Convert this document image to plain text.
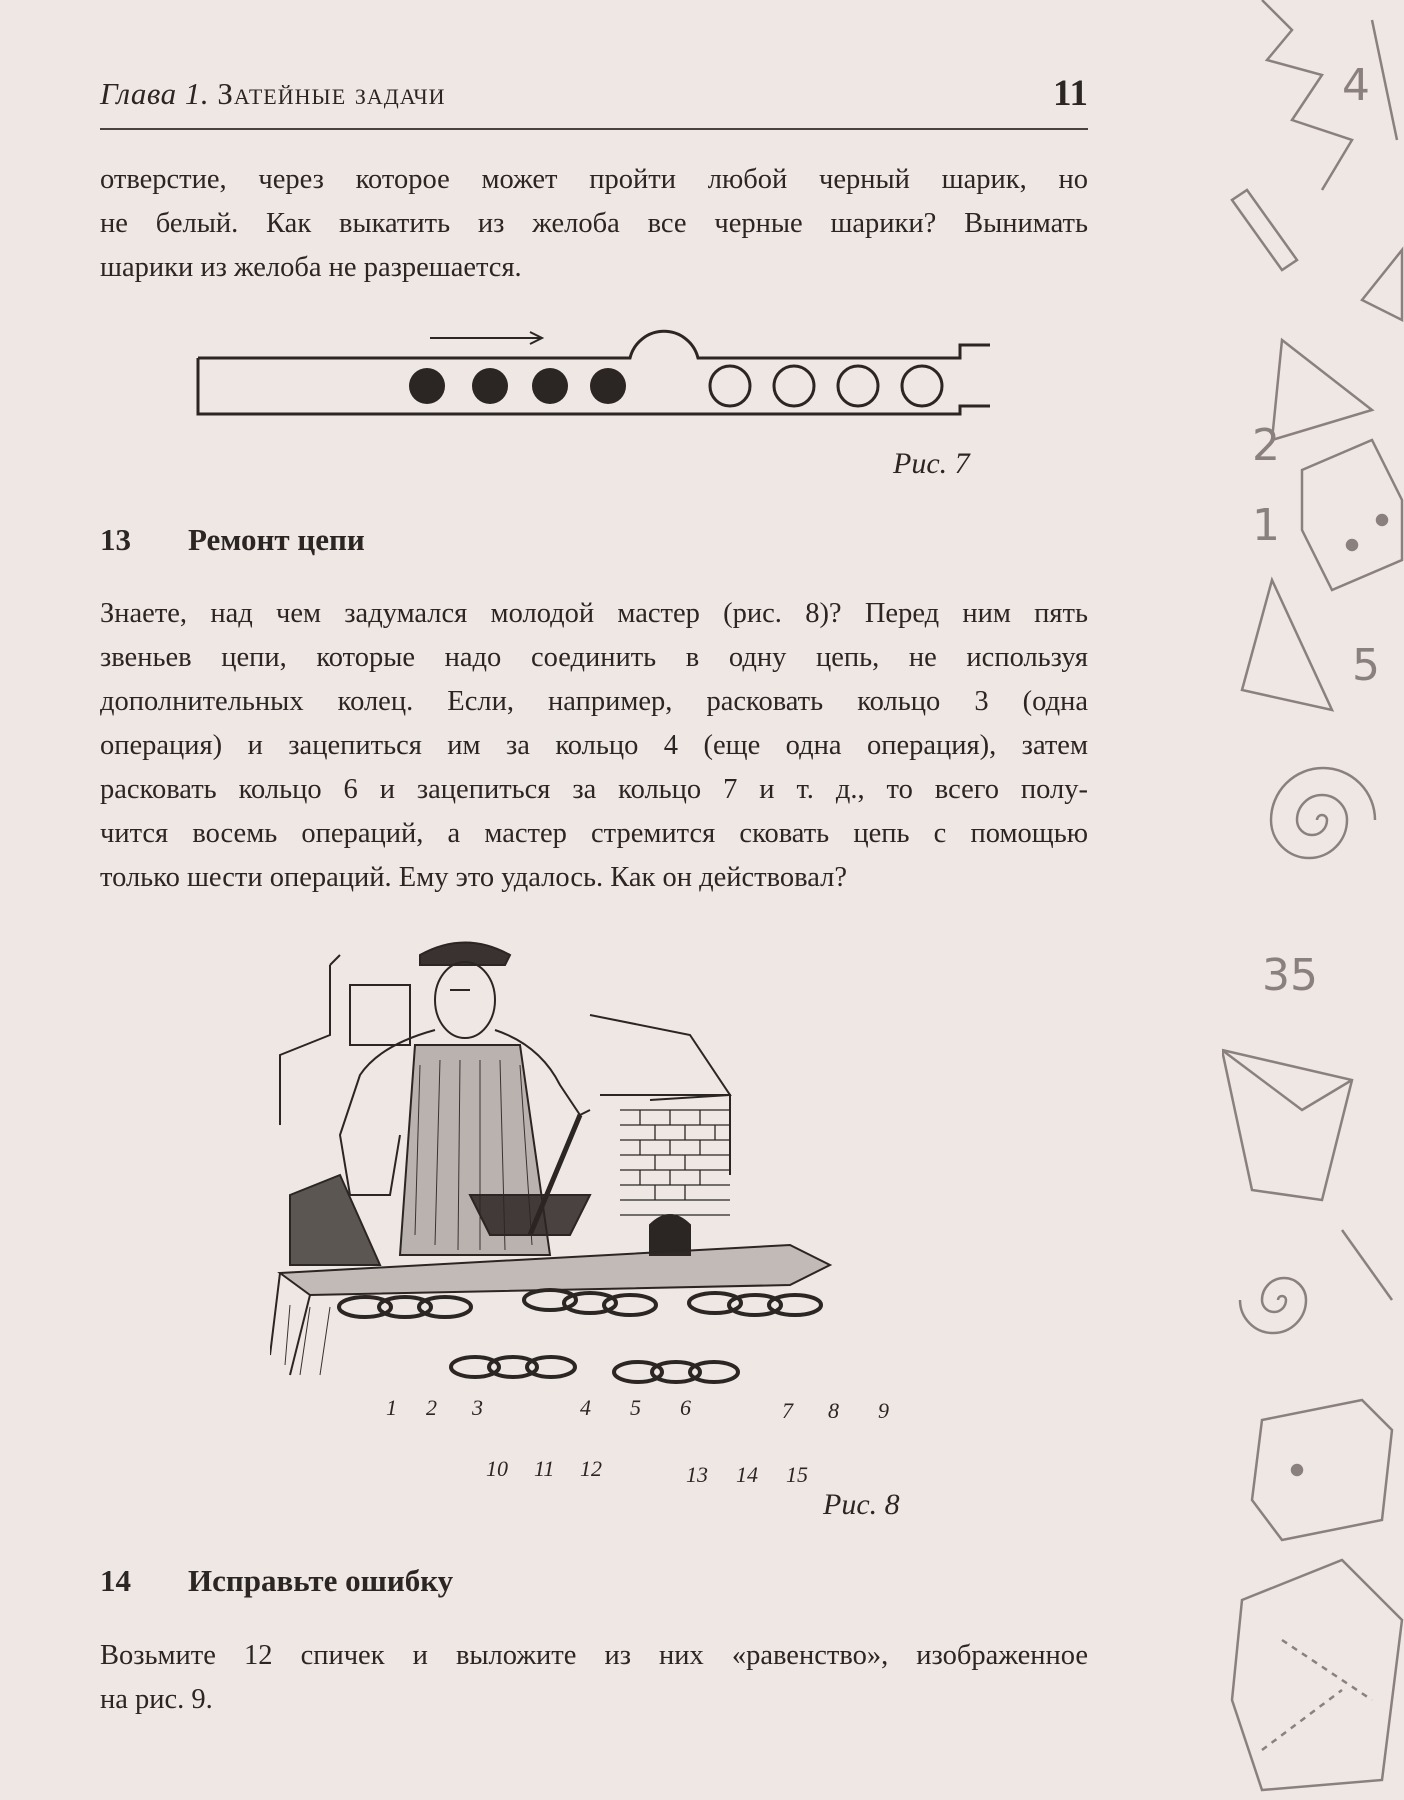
Глава 1. Затейные задачи	11
отверстие, через которое может пройти любой черный шарик, но
не белый. Как выкатить из желоба все черные шарики? Вынимать
шарики из желоба не разрешается.
Рис. 7
13 Ремонт цепи
Знаете, над чем задумался молодой мастер (рис. 8)? Перед ним пять
звеньев цепи, которые надо соединить в одну цепь, не используя
дополнительных колец. Если, например, расковать кольцо 3 (одна
операция) и зацепиться им за кольцо 4 (еще одна операция), затем
расковать кольцо 6 и зацепиться за кольцо 7 и т. д., то всего полу-
чится восемь операций, а мастер стремится сковать цепь с помощью
только шести операций. Ему это удалось. Как он действовал?
1 2 3	4 5 6	7 8 9
10 11 12	13 14 15
Рис. 8
14 Исправьте ошибку
Возьмите 12 спичек и выложите из них «равенство», изображенное
на рис. 9.
4
2
1
5
35
